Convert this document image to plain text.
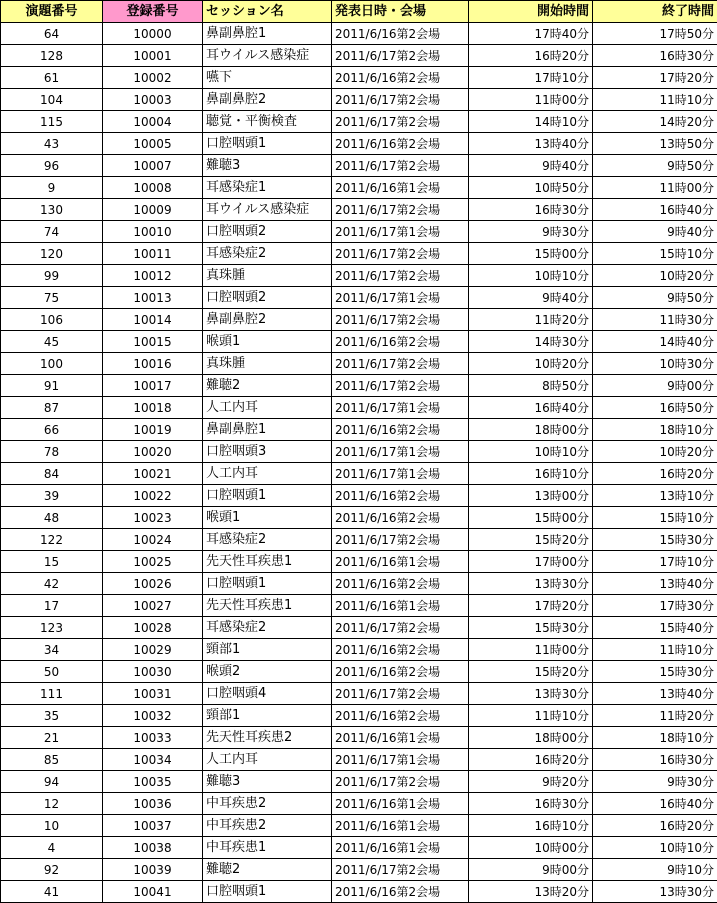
演題番号	登録番号	セッション名	発表日時・会場	開始時間	終了時間
64	10000	鼻副鼻腔1	2011/6/16第2会場	17時40分	17時50分
128	10001	耳ウイルス感染症	2011/6/17第2会場	16時20分	16時30分
61	10002	嚥下	2011/6/16第2会場	17時10分	17時20分
104	10003	鼻副鼻腔2	2011/6/17第2会場	11時00分	11時10分
115	10004	聴覚・平衡検査	2011/6/17第2会場	14時10分	14時20分
43	10005	口腔咽頭1	2011/6/16第2会場	13時40分	13時50分
96	10007	難聴3	2011/6/17第2会場	9時40分	9時50分
9	10008	耳感染症1	2011/6/16第1会場	10時50分	11時00分
130	10009	耳ウイルス感染症	2011/6/17第2会場	16時30分	16時40分
74	10010	口腔咽頭2	2011/6/17第1会場	9時30分	9時40分
120	10011	耳感染症2	2011/6/17第2会場	15時00分	15時10分
99	10012	真珠腫	2011/6/17第2会場	10時10分	10時20分
75	10013	口腔咽頭2	2011/6/17第1会場	9時40分	9時50分
106	10014	鼻副鼻腔2	2011/6/17第2会場	11時20分	11時30分
45	10015	喉頭1	2011/6/16第2会場	14時30分	14時40分
100	10016	真珠腫	2011/6/17第2会場	10時20分	10時30分
91	10017	難聴2	2011/6/17第2会場	8時50分	9時00分
87	10018	人工内耳	2011/6/17第1会場	16時40分	16時50分
66	10019	鼻副鼻腔1	2011/6/16第2会場	18時00分	18時10分
78	10020	口腔咽頭3	2011/6/17第1会場	10時10分	10時20分
84	10021	人工内耳	2011/6/17第1会場	16時10分	16時20分
39	10022	口腔咽頭1	2011/6/16第2会場	13時00分	13時10分
48	10023	喉頭1	2011/6/16第2会場	15時00分	15時10分
122	10024	耳感染症2	2011/6/17第2会場	15時20分	15時30分
15	10025	先天性耳疾患1	2011/6/16第1会場	17時00分	17時10分
42	10026	口腔咽頭1	2011/6/16第2会場	13時30分	13時40分
17	10027	先天性耳疾患1	2011/6/16第1会場	17時20分	17時30分
123	10028	耳感染症2	2011/6/17第2会場	15時30分	15時40分
34	10029	頸部1	2011/6/16第2会場	11時00分	11時10分
50	10030	喉頭2	2011/6/16第2会場	15時20分	15時30分
111	10031	口腔咽頭4	2011/6/17第2会場	13時30分	13時40分
35	10032	頸部1	2011/6/16第2会場	11時10分	11時20分
21	10033	先天性耳疾患2	2011/6/16第1会場	18時00分	18時10分
85	10034	人工内耳	2011/6/17第1会場	16時20分	16時30分
94	10035	難聴3	2011/6/17第2会場	9時20分	9時30分
12	10036	中耳疾患2	2011/6/16第1会場	16時30分	16時40分
10	10037	中耳疾患2	2011/6/16第1会場	16時10分	16時20分
4	10038	中耳疾患1	2011/6/16第1会場	10時00分	10時10分
92	10039	難聴2	2011/6/17第2会場	9時00分	9時10分
41	10041	口腔咽頭1	2011/6/16第2会場	13時20分	13時30分
